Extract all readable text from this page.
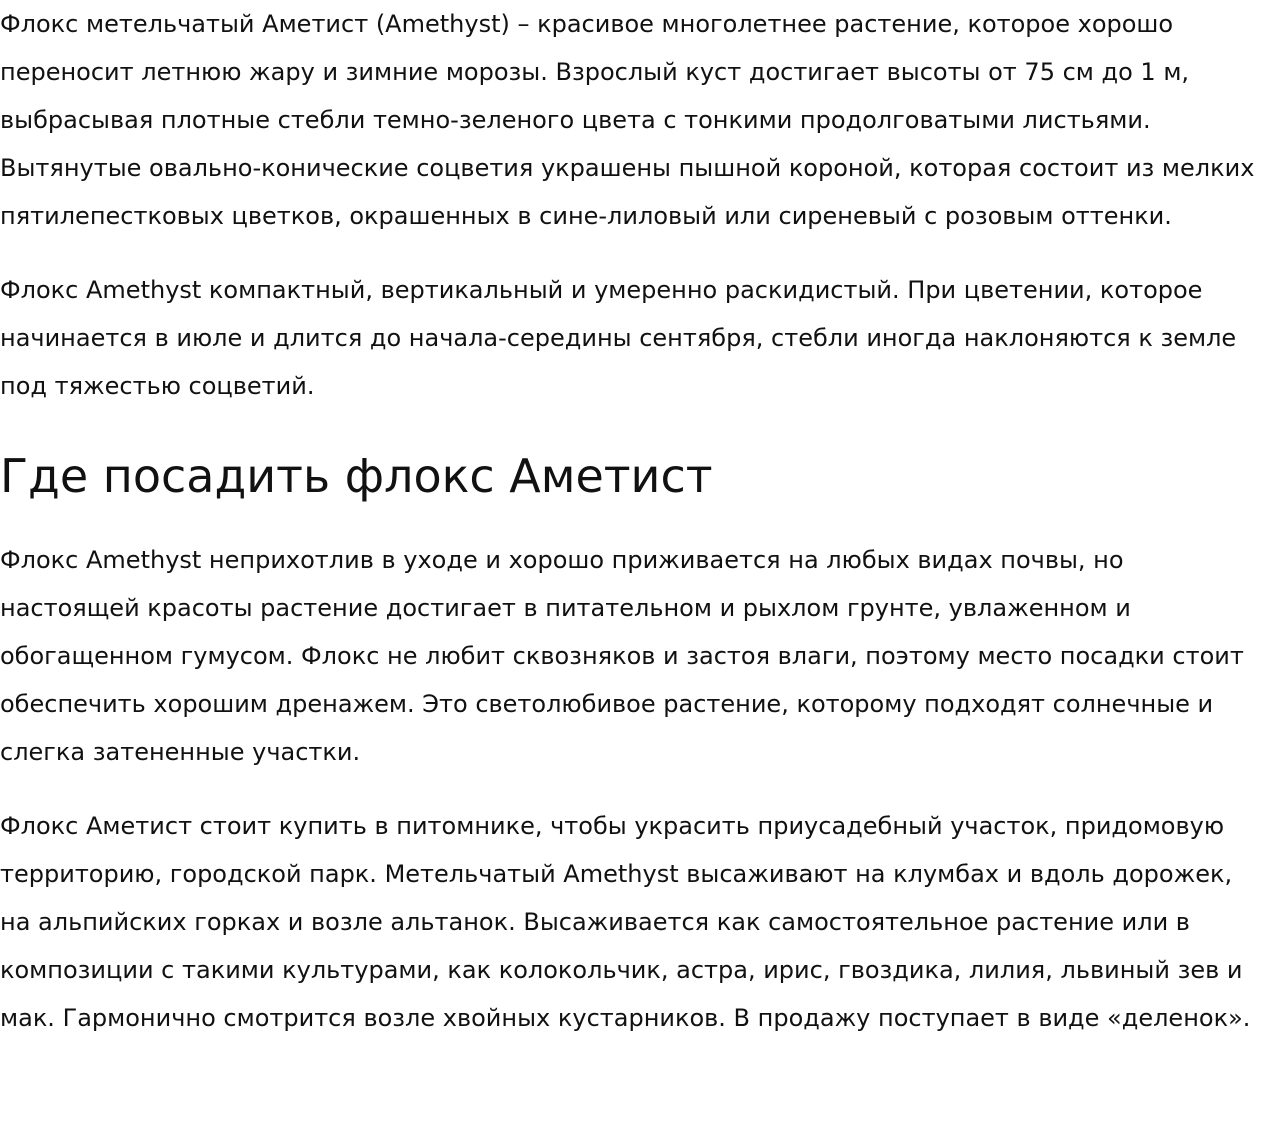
Флокс метельчатый Аметист (Amethyst) – красивое многолетнее растение, которое хорошо переносит летнюю жару и зимние морозы. Взрослый куст достигает высоты от 75 см до 1 м, выбрасывая плотные стебли темно-зеленого цвета с тонкими продолговатыми листьями. Вытянутые овально-конические соцветия украшены пышной короной, которая состоит из мелких пятилепестковых цветков, окрашенных в сине-лиловый или сиреневый с розовым оттенки.

Флокс Amethyst компактный, вертикальный и умеренно раскидистый. При цветении, которое начинается в июле и длится до начала-середины сентября, стебли иногда наклоняются к земле под тяжестью соцветий.

Где посадить флокс Аметист

Флокс Amethyst неприхотлив в уходе и хорошо приживается на любых видах почвы, но настоящей красоты растение достигает в питательном и рыхлом грунте, увлаженном и обогащенном гумусом. Флокс не любит сквозняков и застоя влаги, поэтому место посадки стоит обеспечить хорошим дренажем. Это светолюбивое растение, которому подходят солнечные и слегка затененные участки.

Флокс Аметист стоит купить в питомнике, чтобы украсить приусадебный участок, придомовую территорию, городской парк. Метельчатый Amethyst высаживают на клумбах и вдоль дорожек, на альпийских горках и возле альтанок. Высаживается как самостоятельное растение или в композиции с такими культурами, как колокольчик, астра, ирис, гвоздика, лилия, львиный зев и мак. Гармонично смотрится возле хвойных кустарников. В продажу поступает в виде «деленок».
